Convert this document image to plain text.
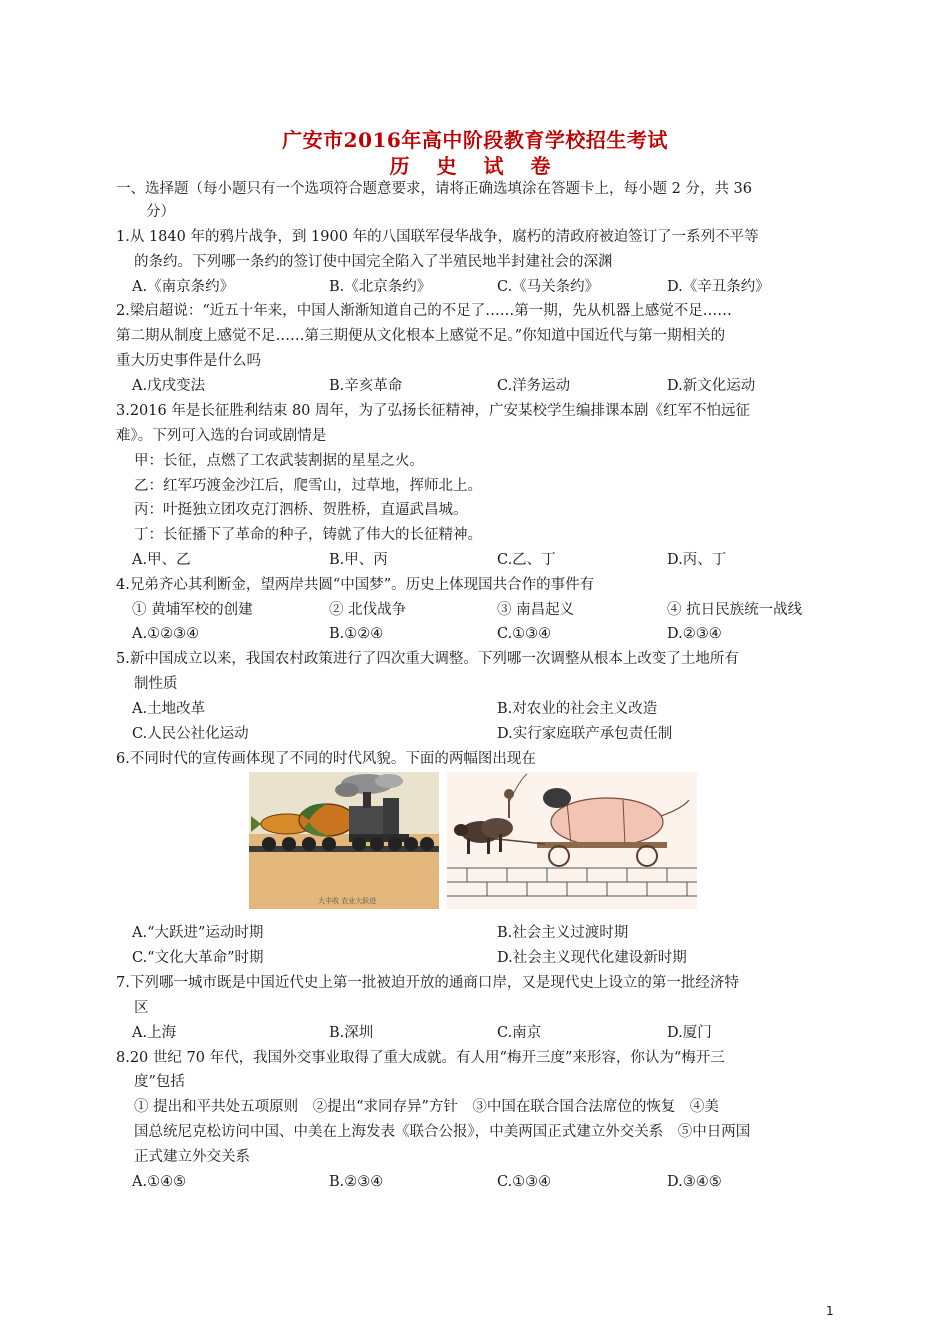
广安市2016年高中阶段教育学校招生考试
历 史 试 卷
一、选择题（每小题只有一个选项符合题意要求，请将正确选填涂在答题卡上，每小题 2 分，共 36
分）
1.从 1840 年的鸦片战争，到 1900 年的八国联军侵华战争，腐朽的清政府被迫签订了一系列不平等
的条约。下列哪一条约的签订使中国完全陷入了半殖民地半封建社会的深渊
A.《南京条约》	B.《北京条约》	C.《马关条约》	D.《辛丑条约》
2.梁启超说：“近五十年来，中国人渐渐知道自己的不足了……第一期，先从机器上感觉不足……
第二期从制度上感觉不足……第三期便从文化根本上感觉不足。”你知道中国近代与第一期相关的
重大历史事件是什么吗
A.戊戌变法	B.辛亥革命	C.洋务运动	D.新文化运动
3.2016 年是长征胜利结束 80 周年，为了弘扬长征精神，广安某校学生编排课本剧《红军不怕远征
难》。下列可入选的台词或剧情是
甲：长征，点燃了工农武装割据的星星之火。
乙：红军巧渡金沙江后，爬雪山，过草地，挥师北上。
丙：叶挺独立团攻克汀泗桥、贺胜桥，直逼武昌城。
丁：长征播下了革命的种子，铸就了伟大的长征精神。
A.甲、乙	B.甲、丙	C.乙、丁	D.丙、丁
4.兄弟齐心其利断金，望两岸共圆“中国梦”。历史上体现国共合作的事件有
① 黄埔军校的创建	② 北伐战争	③ 南昌起义	④ 抗日民族统一战线
A.①②③④	B.①②④	C.①③④	D.②③④
5.新中国成立以来，我国农村政策进行了四次重大调整。下列哪一次调整从根本上改变了土地所有
制性质
A.土地改革	B.对农业的社会主义改造
C.人民公社化运动	D.实行家庭联产承包责任制
6.不同时代的宣传画体现了不同的时代风貌。下面的两幅图出现在
大丰收 农业大跃进
A.“大跃进”运动时期	B.社会主义过渡时期
C.“文化大革命”时期	D.社会主义现代化建设新时期
7.下列哪一城市既是中国近代史上第一批被迫开放的通商口岸，又是现代史上设立的第一批经济特
区
A.上海	B.深圳	C.南京	D.厦门
8.20 世纪 70 年代，我国外交事业取得了重大成就。有人用“梅开三度”来形容，你认为“梅开三
度”包括
① 提出和平共处五项原则　②提出“求同存异”方针　③中国在联合国合法席位的恢复　④美
国总统尼克松访问中国、中美在上海发表《联合公报》，中美两国正式建立外交关系　⑤中日两国
正式建立外交关系
A.①④⑤	B.②③④	C.①③④	D.③④⑤
1
